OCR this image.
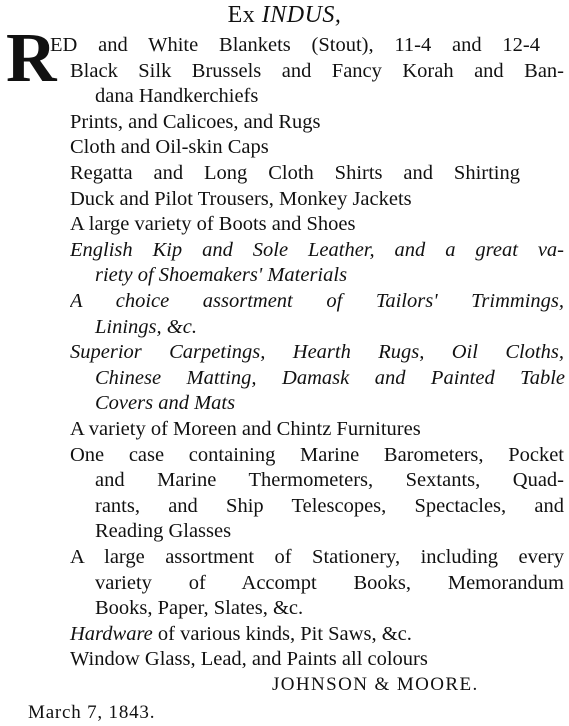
Ex INDUS,
R
ED and White Blankets (Stout), 11-4 and 12-4
Black Silk Brussels and Fancy Korah and Ban-
dana Handkerchiefs
Prints, and Calicoes, and Rugs
Cloth and Oil-skin Caps
Regatta and Long Cloth Shirts and Shirting
Duck and Pilot Trousers, Monkey Jackets
A large variety of Boots and Shoes
English Kip and Sole Leather, and a great va-
riety of Shoemakers' Materials
A choice assortment of Tailors' Trimmings,
Linings, &c.
Superior Carpetings, Hearth Rugs, Oil Cloths,
Chinese Matting, Damask and Painted Table
Covers and Mats
A variety of Moreen and Chintz Furnitures
One case containing Marine Barometers, Pocket
and Marine Thermometers, Sextants, Quad-
rants, and Ship Telescopes, Spectacles, and
Reading Glasses
A large assortment of Stationery, including every
variety of Accompt Books, Memorandum
Books, Paper, Slates, &c.
Hardware of various kinds, Pit Saws, &c.
Window Glass, Lead, and Paints all colours
JOHNSON & MOORE.
March 7, 1843.
